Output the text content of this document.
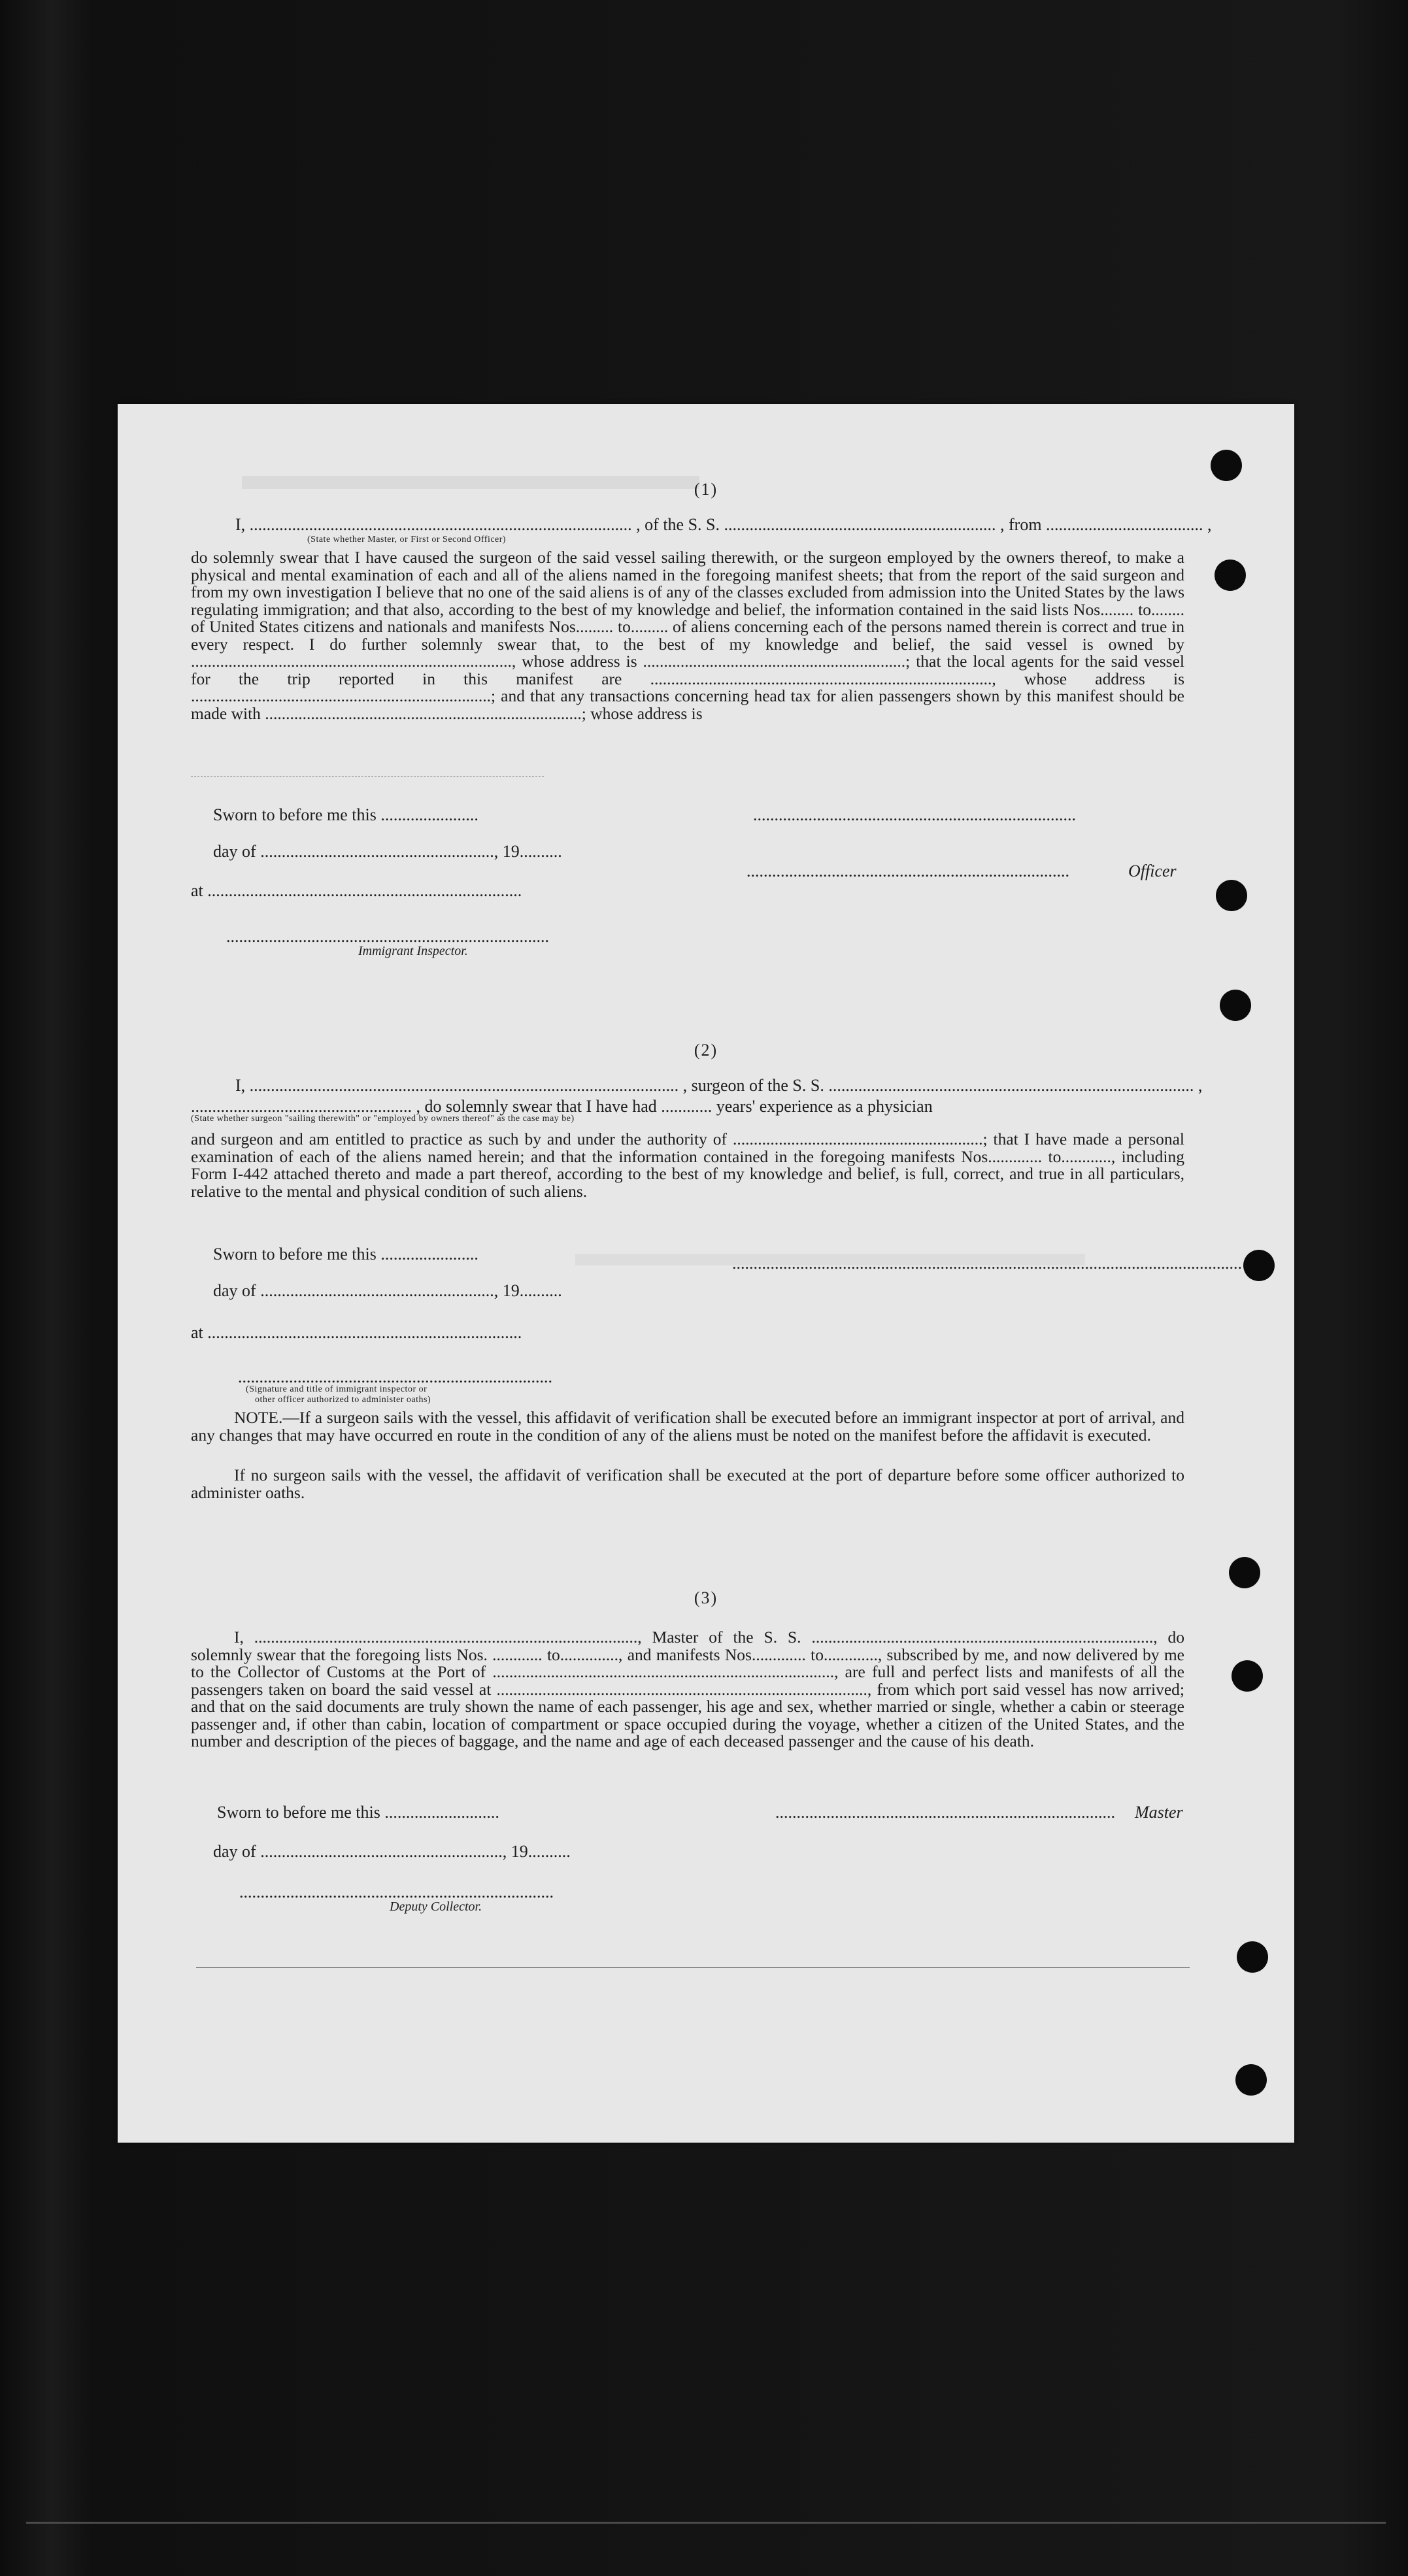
(1)
I, .......................................................................................... , of the S. S. ................................................................ , from ..................................... ,
(State whether Master, or First or Second Officer)
do solemnly swear that I have caused the surgeon of the said vessel sailing therewith, or the surgeon employed by the owners thereof, to make a physical and mental examination of each and all of the aliens named in the foregoing manifest sheets; that from the report of the said surgeon and from my own investigation I believe that no one of the said aliens is of any of the classes excluded from admission into the United States by the laws regulating immigration; and that also, according to the best of my knowledge and belief, the information contained in the said lists Nos........ to........ of United States citizens and nationals and manifests Nos......... to......... of aliens concerning each of the persons named therein is correct and true in every respect. I do further solemnly swear that, to the best of my knowledge and belief, the said vessel is owned by ............................................................................., whose address is ...............................................................; that the local agents for the said vessel for the trip reported in this manifest are .................................................................................., whose address is ........................................................................; and that any transactions concerning head tax for alien passengers shown by this manifest should be made with ............................................................................; whose address is
Sworn to before me this .......................	............................................................................
day of ......................................................., 19..........
............................................................................	Officer
at ..........................................................................
............................................................................
Immigrant Inspector.
(2)
I, ..................................................................................................... , surgeon of the S. S. ...................................................................................... ,
.................................................... , do solemnly swear that I have had ............ years' experience as a physician
(State whether surgeon "sailing therewith" or "employed by owners thereof" as the case may be)
and surgeon and am entitled to practice as such by and under the authority of ............................................................; that I have made a personal examination of each of the aliens named herein; and that the information contained in the foregoing manifests Nos............. to............, including Form I-442 attached thereto and made a part thereof, according to the best of my knowledge and belief, is full, correct, and true in all particulars, relative to the mental and physical condition of such aliens.
Sworn to before me this .......................	........................................................................................................................
day of ......................................................., 19..........
at ..........................................................................
..........................................................................
(Signature and title of immigrant inspector or
other officer authorized to administer oaths)
NOTE.—If a surgeon sails with the vessel, this affidavit of verification shall be executed before an immigrant inspector at port of arrival, and any changes that may have occurred en route in the condition of any of the aliens must be noted on the manifest before the affidavit is executed.
If no surgeon sails with the vessel, the affidavit of verification shall be executed at the port of departure before some officer authorized to administer oaths.
(3)
I, ............................................................................................, Master of the S. S. .................................................................................., do solemnly swear that the foregoing lists Nos. ............ to.............., and manifests Nos............. to............., subscribed by me, and now delivered by me to the Collector of Customs at the Port of .................................................................................., are full and perfect lists and manifests of all the passengers taken on board the said vessel at ........................................................................................., from which port said vessel has now arrived; and that on the said documents are truly shown the name of each passenger, his age and sex, whether married or single, whether a cabin or steerage passenger and, if other than cabin, location of compartment or space occupied during the voyage, whether a citizen of the United States, and the number and description of the pieces of baggage, and the name and age of each deceased passenger and the cause of his death.
Sworn to before me this ...........................	................................................................................ Master
day of ........................................................., 19..........
..........................................................................
Deputy Collector.
